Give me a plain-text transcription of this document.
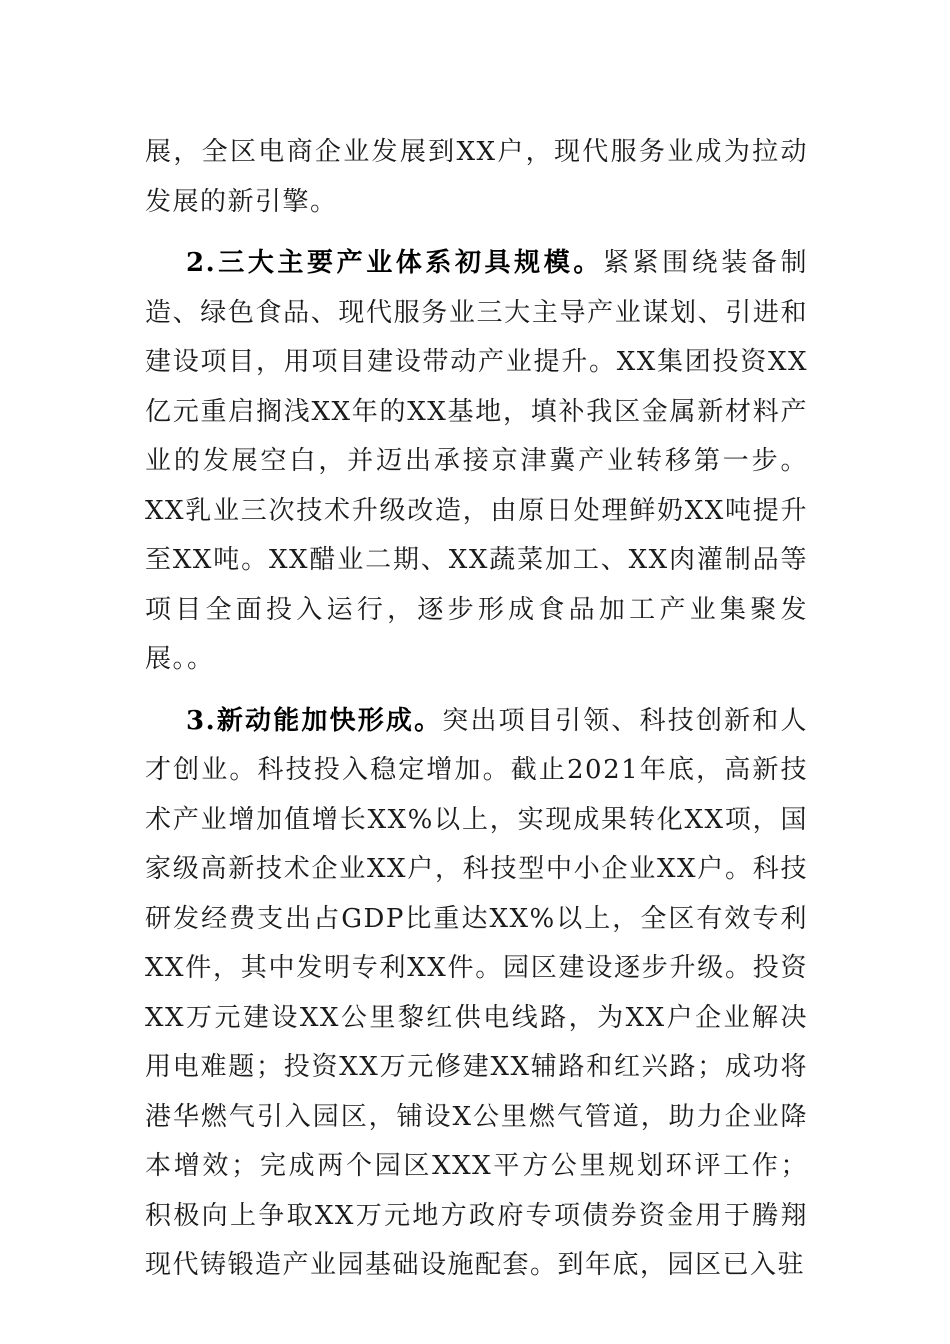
展，全区电商企业发展到XX户，现代服务业成为拉动发展的新引擎。

2.三大主要产业体系初具规模。紧紧围绕装备制造、绿色食品、现代服务业三大主导产业谋划、引进和建设项目，用项目建设带动产业提升。XX集团投资XX亿元重启搁浅XX年的XX基地，填补我区金属新材料产业的发展空白，并迈出承接京津冀产业转移第一步。XX乳业三次技术升级改造，由原日处理鲜奶XX吨提升至XX吨。XX醋业二期、XX蔬菜加工、XX肉灌制品等项目全面投入运行，逐步形成食品加工产业集聚发展。。

3.新动能加快形成。突出项目引领、科技创新和人才创业。科技投入稳定增加。截止2021年底，高新技术产业增加值增长XX%以上，实现成果转化XX项，国家级高新技术企业XX户，科技型中小企业XX户。科技研发经费支出占GDP比重达XX%以上，全区有效专利XX件，其中发明专利XX件。园区建设逐步升级。投资XX万元建设XX公里黎红供电线路，为XX户企业解决用电难题；投资XX万元修建XX辅路和红兴路；成功将港华燃气引入园区，铺设X公里燃气管道，助力企业降本增效；完成两个园区XXX平方公里规划环评工作；积极向上争取XX万元地方政府专项债券资金用于腾翔现代铸锻造产业园基础设施配套。到年底，园区已入驻
